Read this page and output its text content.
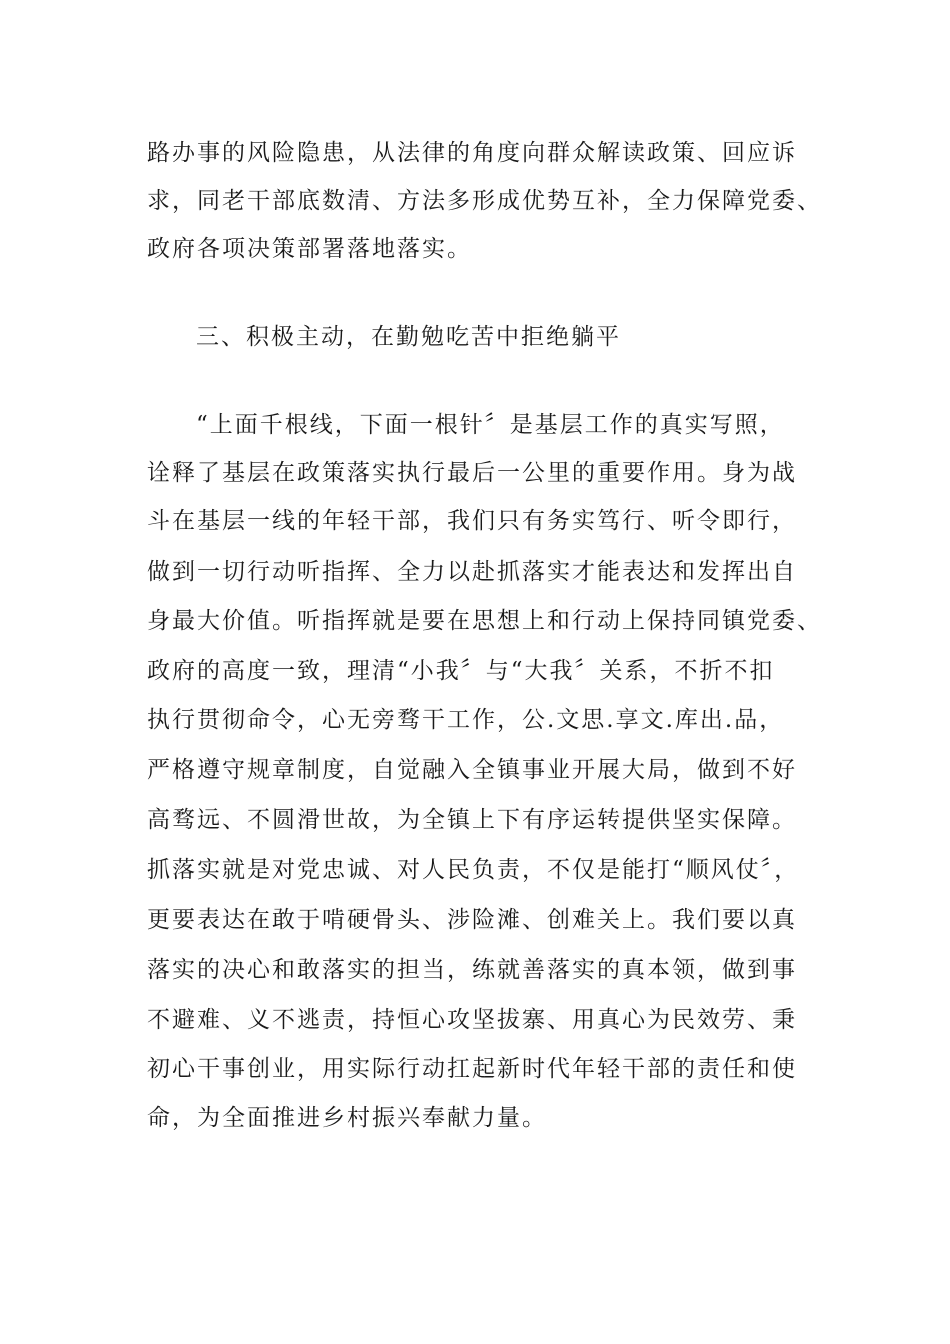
路办事的风险隐患，从法律的角度向群众解读政策、回应诉
求，同老干部底数清、方法多形成优势互补，全力保障党委、
政府各项决策部署落地落实。
三、积极主动，在勤勉吃苦中拒绝躺平
“上面千根线，下面一根针〞是基层工作的真实写照，
诠释了基层在政策落实执行最后一公里的重要作用。身为战
斗在基层一线的年轻干部，我们只有务实笃行、听令即行，
做到一切行动听指挥、全力以赴抓落实才能表达和发挥出自
身最大价值。听指挥就是要在思想上和行动上保持同镇党委、
政府的高度一致，理清“小我〞与“大我〞关系，不折不扣
执行贯彻命令，心无旁骛干工作，公.文思.享文.库出.品，
严格遵守规章制度，自觉融入全镇事业开展大局，做到不好
高骛远、不圆滑世故，为全镇上下有序运转提供坚实保障。
抓落实就是对党忠诚、对人民负责，不仅是能打“顺风仗〞，
更要表达在敢于啃硬骨头、涉险滩、创难关上。我们要以真
落实的决心和敢落实的担当，练就善落实的真本领，做到事
不避难、义不逃责，持恒心攻坚拔寨、用真心为民效劳、秉
初心干事创业，用实际行动扛起新时代年轻干部的责任和使
命，为全面推进乡村振兴奉献力量。
